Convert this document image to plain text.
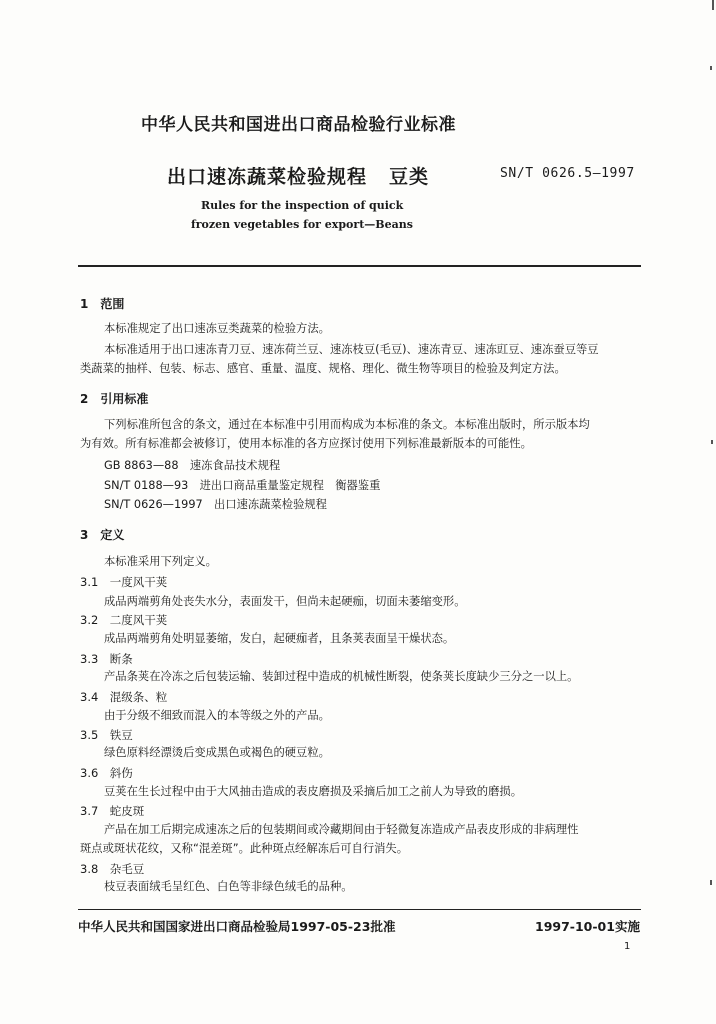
中华人民共和国进出口商品检验行业标准
出口速冻蔬菜检验规程 豆类	SN/T 0626.5—1997
Rules for the inspection of quick
frozen vegetables for export—Beans
1　范围
本标准规定了出口速冻豆类蔬菜的检验方法。
本标准适用于出口速冻青刀豆、速冻荷兰豆、速冻枝豆(毛豆)、速冻青豆、速冻豇豆、速冻蚕豆等豆
类蔬菜的抽样、包装、标志、感官、重量、温度、规格、理化、微生物等项目的检验及判定方法。
2　引用标准
下列标准所包含的条文，通过在本标准中引用而构成为本标准的条文。本标准出版时，所示版本均
为有效。所有标准都会被修订，使用本标准的各方应探讨使用下列标准最新版本的可能性。
GB 8863—88　速冻食品技术规程
SN/T 0188—93　进出口商品重量鉴定规程　衡器鉴重
SN/T 0626—1997　出口速冻蔬菜检验规程
3　定义
本标准采用下列定义。
3.1　一度风干荚
成品两端剪角处丧失水分，表面发干，但尚未起硬痂，切面未萎缩变形。
3.2　二度风干荚
成品两端剪角处明显萎缩，发白，起硬痂者，且条荚表面呈干燥状态。
3.3　断条
产品条荚在冷冻之后包装运输、装卸过程中造成的机械性断裂，使条荚长度缺少三分之一以上。
3.4　混级条、粒
由于分级不细致而混入的本等级之外的产品。
3.5　铁豆
绿色原料经漂烫后变成黑色或褐色的硬豆粒。
3.6　斜伤
豆荚在生长过程中由于大风抽击造成的表皮磨损及采摘后加工之前人为导致的磨损。
3.7　蛇皮斑
产品在加工后期完成速冻之后的包装期间或冷藏期间由于轻微复冻造成产品表皮形成的非病理性
斑点或斑状花纹，又称“混差斑”。此种斑点经解冻后可自行消失。
3.8　杂毛豆
枝豆表面绒毛呈红色、白色等非绿色绒毛的品种。
中华人民共和国国家进出口商品检验局1997-05-23批准	1997-10-01实施
1
